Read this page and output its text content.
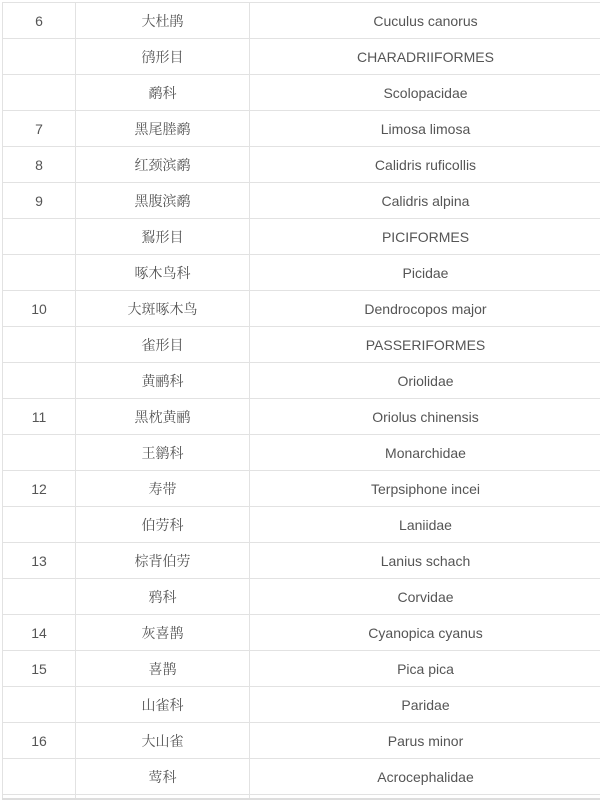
6	大杜鹃	Cuculus canorus
	鸻形目	CHARADRIIFORMES
	鹬科	Scolopacidae
7	黑尾塍鹬	Limosa limosa
8	红颈滨鹬	Calidris ruficollis
9	黑腹滨鹬	Calidris alpina
	鴷形目	PICIFORMES
	啄木鸟科	Picidae
10	大斑啄木鸟	Dendrocopos major
	雀形目	PASSERIFORMES
	黄鹂科	Oriolidae
11	黑枕黄鹂	Oriolus chinensis
	王鹟科	Monarchidae
12	寿带	Terpsiphone incei
	伯劳科	Laniidae
13	棕背伯劳	Lanius schach
	鸦科	Corvidae
14	灰喜鹊	Cyanopica cyanus
15	喜鹊	Pica pica
	山雀科	Paridae
16	大山雀	Parus minor
	莺科	Acrocephalidae
